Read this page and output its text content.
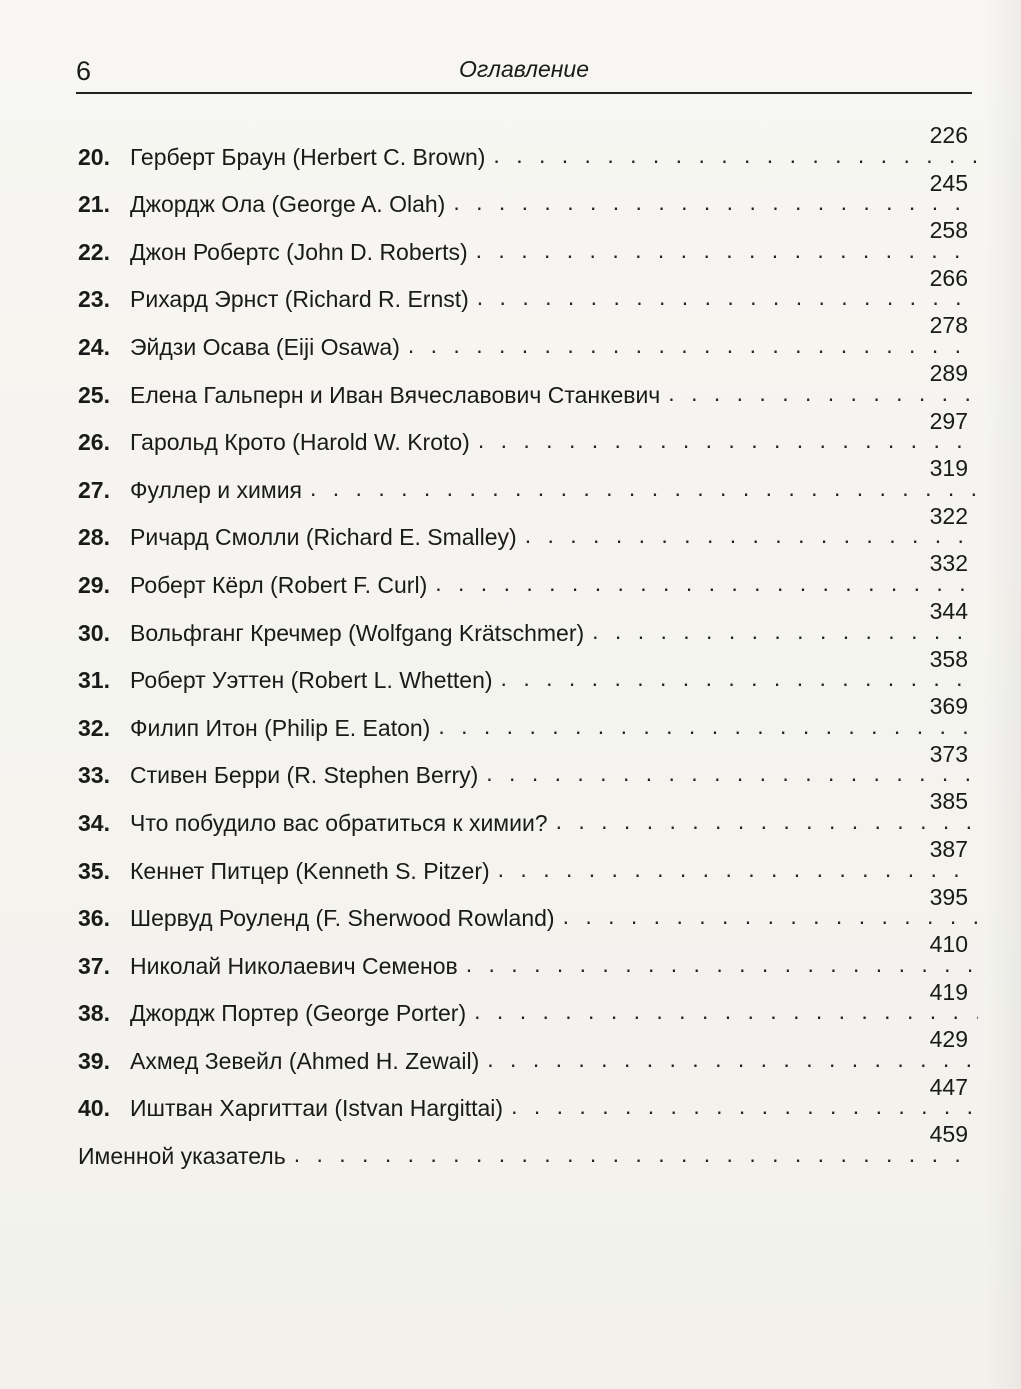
6	Оглавление
20. Герберт Браун (Herbert C. Brown)
. . .
226
21. Джордж Ола (George A. Olah)
. . .
245
22. Джон Робертс (John D. Roberts)
. . .
258
23. Рихард Эрнст (Richard R. Ernst)
. . .
266
24. Эйдзи Осава (Eiji Osawa)
. . .
278
25. Елена Гальперн и Иван Вячеславович Станкевич
. . .
289
26. Гарольд Крото (Harold W. Kroto)
. . .
297
27. Фуллер и химия
. . .
319
28. Ричард Смолли (Richard E. Smalley)
. . .
322
29. Роберт Кёрл (Robert F. Curl)
. . .
332
30. Вольфганг Кречмер (Wolfgang Krätschmer)
. . .
344
31. Роберт Уэттен (Robert L. Whetten)
. . .
358
32. Филип Итон (Philip E. Eaton)
. . .
369
33. Стивен Берри (R. Stephen Berry)
. . .
373
34. Что побудило вас обратиться к химии?
. . .
385
35. Кеннет Питцер (Kenneth S. Pitzer)
. . .
387
36. Шервуд Роуленд (F. Sherwood Rowland)
. . .
395
37. Николай Николаевич Семенов
. . .
410
38. Джордж Портер (George Porter)
. . .
419
39. Ахмед Зевейл (Ahmed H. Zewail)
. . .
429
40. Иштван Харгиттаи (Istvan Hargittai)
. . .
447
Именной указатель
. . .
459
